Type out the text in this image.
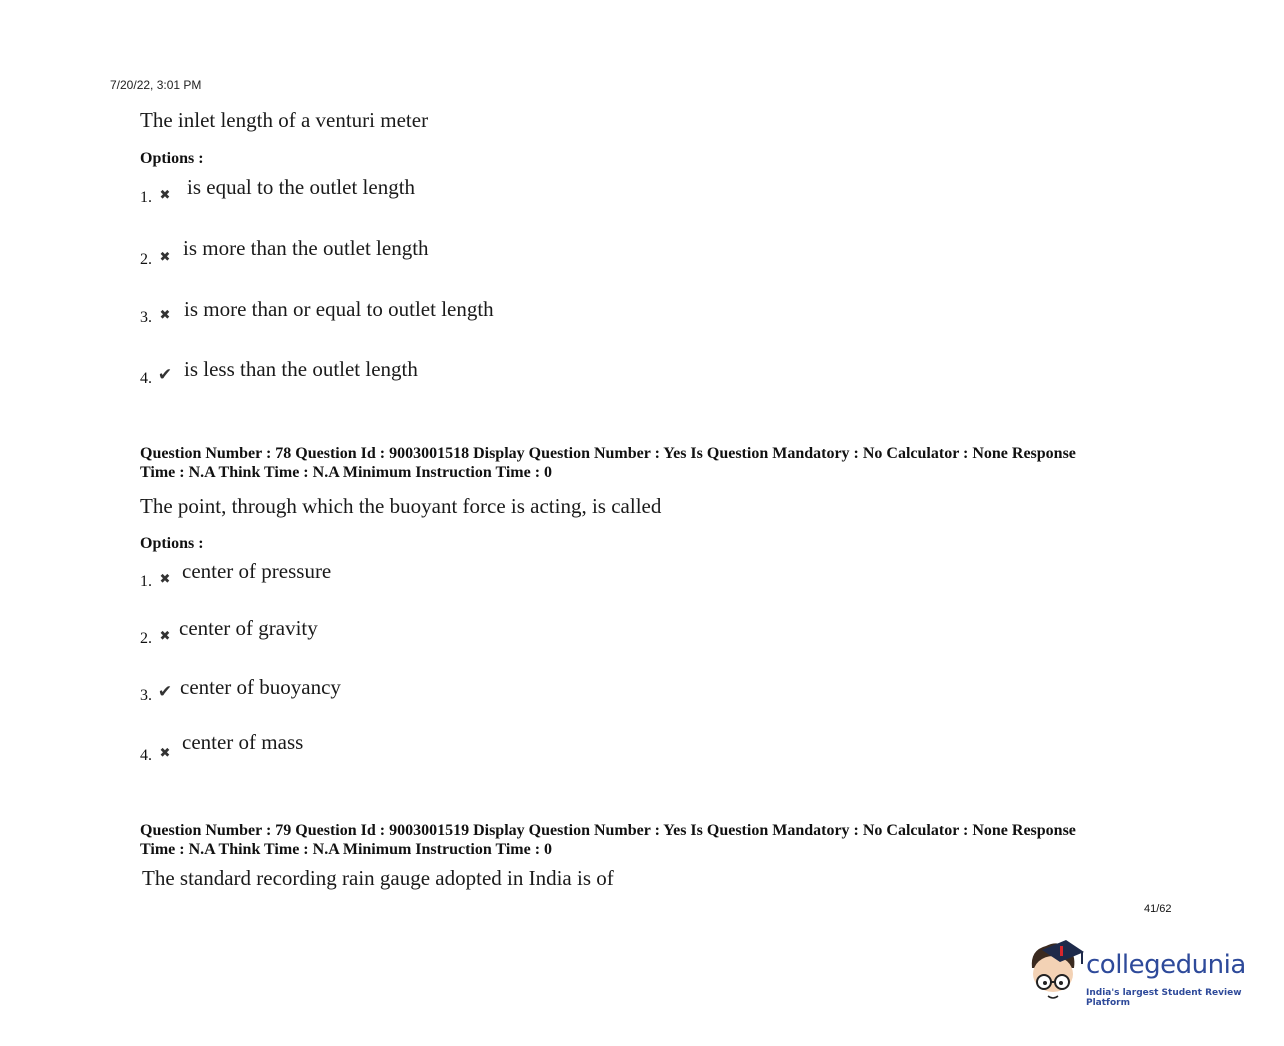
7/20/22, 3:01 PM
The inlet length of a venturi meter
Options :
1. ✖ is equal to the outlet length
2. ✖ is more than the outlet length
3. ✖ is more than or equal to outlet length
4. ✔ is less than the outlet length
Question Number : 78 Question Id : 9003001518 Display Question Number : Yes Is Question Mandatory : No Calculator : None Response
Time : N.A Think Time : N.A Minimum Instruction Time : 0
The point, through which the buoyant force is acting, is called
Options :
1. ✖ center of pressure
2. ✖ center of gravity
3. ✔ center of buoyancy
4. ✖ center of mass
Question Number : 79 Question Id : 9003001519 Display Question Number : Yes Is Question Mandatory : No Calculator : None Response
Time : N.A Think Time : N.A Minimum Instruction Time : 0
The standard recording rain gauge adopted in India is of
41/62
collegedunia
India's largest Student Review Platform
